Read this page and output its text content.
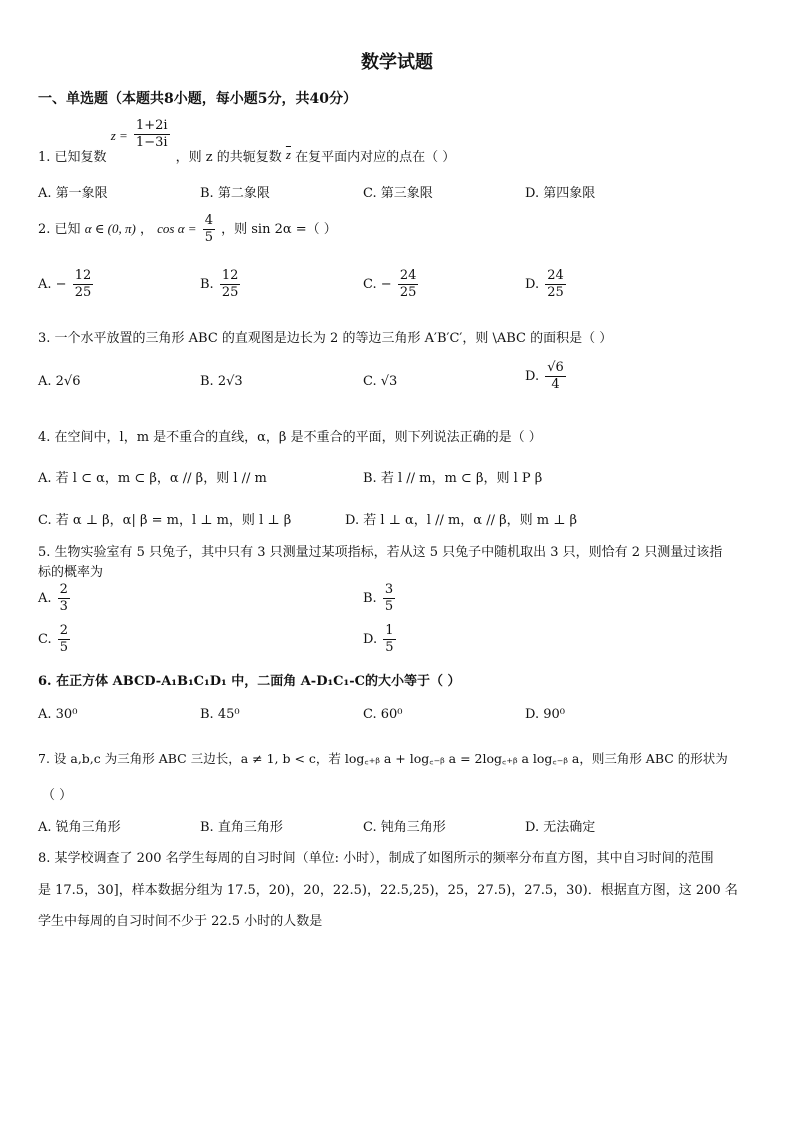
数学试题
一、单选题（本题共8小题，每小题5分，共40分）
1. 已知复数 $z = \frac{1+2i}{1-3i}$
，则 z 的共轭复数 $\overline{z}$ 在复平面内对应的点在（ ）
A. 第一象限	B. 第二象限	C. 第三象限	D. 第四象限
2. 已知 α ∈ (0, π) ， $\cos \alpha = \frac{4}{5}$ ，则 sin 2α =（ ）
A. − $\frac{12}{25}$	B. $\frac{12}{25}$	C. − $\frac{24}{25}$	D. $\frac{24}{25}$
3. 一个水平放置的三角形 ABC 的直观图是边长为 2 的等边三角形 A′B′C′，则 \ABC 的面积是（ ）
A. 2√6	B. 2√3	C. √3	D. $\frac{√6}{4}$
4. 在空间中，l，m 是不重合的直线，α，β 是不重合的平面，则下列说法正确的是（ ）
A. 若 l ⊂ α，m ⊂ β，α // β，则 l // m	B. 若 l // m，m ⊂ β，则 l P β
C. 若 α ⊥ β，α| β = m，l ⊥ m，则 l ⊥ β	D. 若 l ⊥ α，l // m，α // β，则 m ⊥ β
5. 生物实验室有 5 只兔子，其中只有 3 只测量过某项指标，若从这 5 只兔子中随机取出 3 只，则恰有 2 只测量过该指
标的概率为
A. $\frac{2}{3}$	B. $\frac{3}{5}$
C. $\frac{2}{5}$	D. $\frac{1}{5}$
6. 在正方体 ABCD-A₁B₁C₁D₁ 中，二面角 A-D₁C₁-C的大小等于（ ）
A. 30⁰	B. 45⁰	C. 60⁰	D. 90⁰
7. 设 a,b,c 为三角形 ABC 三边长，a ≠ 1, b < c，若 log꜀₊ᵦ a + log꜀₋ᵦ a = 2log꜀₊ᵦ a log꜀₋ᵦ a，则三角形 ABC 的形状为
（ ）
A. 锐角三角形	B. 直角三角形	C. 钝角三角形	D. 无法确定
8. 某学校调查了 200 名学生每周的自习时间（单位: 小时），制成了如图所示的频率分布直方图，其中自习时间的范围
是 17.5，30]，样本数据分组为 17.5，20)，20，22.5)，22.5,25)，25，27.5)，27.5，30)．根据直方图，这 200 名
学生中每周的自习时间不少于 22.5 小时的人数是
